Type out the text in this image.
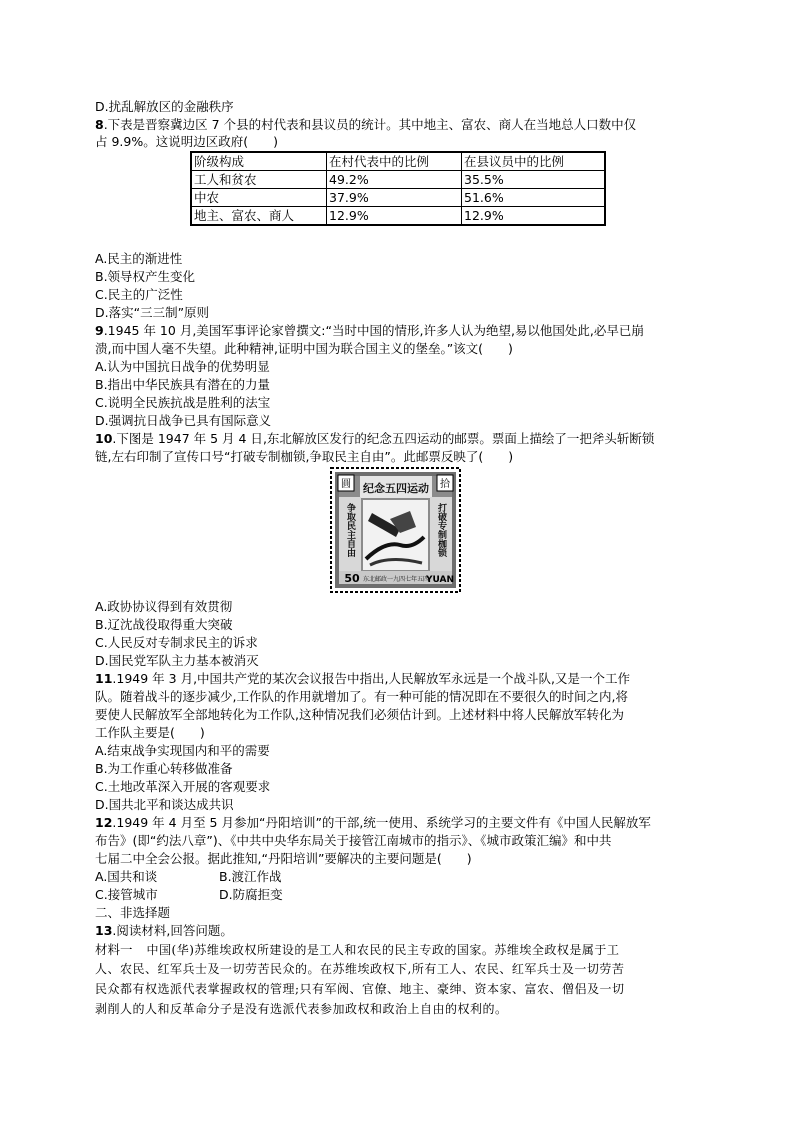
D.扰乱解放区的金融秩序
8.下表是晋察冀边区 7 个县的村代表和县议员的统计。其中地主、富农、商人在当地总人口数中仅
占 9.9%。这说明边区政府(　　)
阶级构成	在村代表中的比例	在县议员中的比例
工人和贫农	49.2%	35.5%
中农	37.9%	51.6%
地主、富农、商人	12.9%	12.9%
A.民主的渐进性
B.领导权产生变化
C.民主的广泛性
D.落实“三三制”原则
9.1945 年 10 月,美国军事评论家曾撰文:“当时中国的情形,许多人认为绝望,易以他国处此,必早已崩
溃,而中国人毫不失望。此种精神,证明中国为联合国主义的堡垒。”该文(　　)
A.认为中国抗日战争的优势明显
B.指出中华民族具有潜在的力量
C.说明全民族抗战是胜利的法宝
D.强调抗日战争已具有国际意义
10.下图是 1947 年 5 月 4 日,东北解放区发行的纪念五四运动的邮票。票面上描绘了一把斧头斩断锁
链,左右印制了宣传口号“打破专制枷锁,争取民主自由”。此邮票反映了(　　)
圓	拾
纪念五四运动
争取民主自由	打破专制枷锁
50 东北邮政一九四七年五四
YUAN
A.政协协议得到有效贯彻
B.辽沈战役取得重大突破
C.人民反对专制求民主的诉求
D.国民党军队主力基本被消灭
11.1949 年 3 月,中国共产党的某次会议报告中指出,人民解放军永远是一个战斗队,又是一个工作
队。随着战斗的逐步减少,工作队的作用就增加了。有一种可能的情况即在不要很久的时间之内,将
要使人民解放军全部地转化为工作队,这种情况我们必须估计到。上述材料中将人民解放军转化为
工作队主要是(　　)
A.结束战争实现国内和平的需要
B.为工作重心转移做准备
C.土地改革深入开展的客观要求
D.国共北平和谈达成共识
12.1949 年 4 月至 5 月参加“丹阳培训”的干部,统一使用、系统学习的主要文件有《中国人民解放军
布告》(即“约法八章”)、《中共中央华东局关于接管江南城市的指示》、《城市政策汇编》和中共
七届二中全会公报。据此推知,“丹阳培训”要解决的主要问题是(　　)
A.国共和谈	B.渡江作战
C.接管城市	D.防腐拒变
二、非选择题
13.阅读材料,回答问题。
材料一 中国(华)苏维埃政权所建设的是工人和农民的民主专政的国家。苏维埃全政权是属于工
人、农民、红军兵士及一切劳苦民众的。在苏维埃政权下,所有工人、农民、红军兵士及一切劳苦
民众都有权选派代表掌握政权的管理;只有军阀、官僚、地主、豪绅、资本家、富农、僧侣及一切
剥削人的人和反革命分子是没有选派代表参加政权和政治上自由的权利的。
